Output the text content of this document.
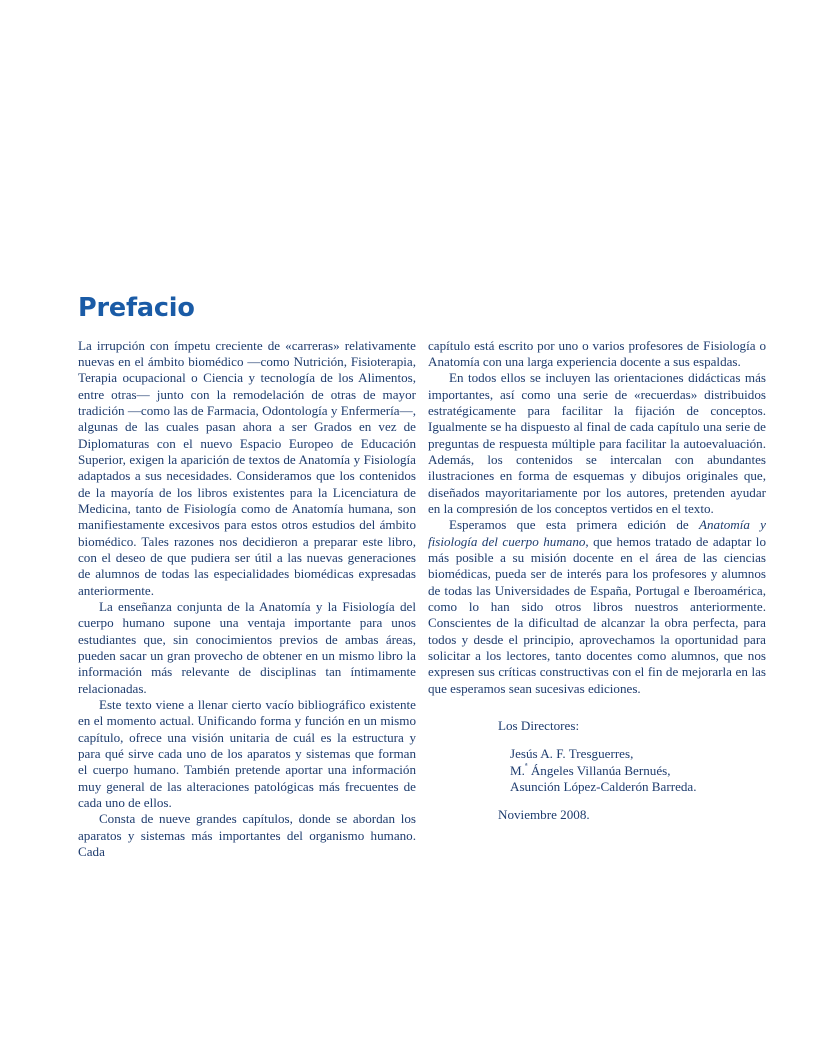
Prefacio

La irrupción con ímpetu creciente de «carreras» relativamente nuevas en el ámbito biomédico —como Nutrición, Fisioterapia, Terapia ocupacional o Ciencia y tecnología de los Alimentos, entre otras— junto con la remodelación de otras de mayor tradición —como las de Farmacia, Odontología y Enfermería—, algunas de las cuales pasan ahora a ser Grados en vez de Diplomaturas con el nuevo Espacio Europeo de Educación Superior, exigen la aparición de textos de Anatomía y Fisiología adaptados a sus necesidades. Consideramos que los contenidos de la mayoría de los libros existentes para la Licenciatura de Medicina, tanto de Fisiología como de Anatomía humana, son manifiestamente excesivos para estos otros estudios del ámbito biomédico. Tales razones nos decidieron a preparar este libro, con el deseo de que pudiera ser útil a las nuevas generaciones de alumnos de todas las especialidades biomédicas expresadas anteriormente.

La enseñanza conjunta de la Anatomía y la Fisiología del cuerpo humano supone una ventaja importante para unos estudiantes que, sin conocimientos previos de ambas áreas, pueden sacar un gran provecho de obtener en un mismo libro la información más relevante de disciplinas tan íntimamente relacionadas.

Este texto viene a llenar cierto vacío bibliográfico existente en el momento actual. Unificando forma y función en un mismo capítulo, ofrece una visión unitaria de cuál es la estructura y para qué sirve cada uno de los aparatos y sistemas que forman el cuerpo humano. También pretende aportar una información muy general de las alteraciones patológicas más frecuentes de cada uno de ellos.

Consta de nueve grandes capítulos, donde se abordan los aparatos y sistemas más importantes del organismo humano. Cada

capítulo está escrito por uno o varios profesores de Fisiología o Anatomía con una larga experiencia docente a sus espaldas.

En todos ellos se incluyen las orientaciones didácticas más importantes, así como una serie de «recuerdas» distribuidos estratégicamente para facilitar la fijación de conceptos. Igualmente se ha dispuesto al final de cada capítulo una serie de preguntas de respuesta múltiple para facilitar la autoevaluación. Además, los contenidos se intercalan con abundantes ilustraciones en forma de esquemas y dibujos originales que, diseñados mayoritariamente por los autores, pretenden ayudar en la compresión de los conceptos vertidos en el texto.

Esperamos que esta primera edición de Anatomía y fisiología del cuerpo humano, que hemos tratado de adaptar lo más posible a su misión docente en el área de las ciencias biomédicas, pueda ser de interés para los profesores y alumnos de todas las Universidades de España, Portugal e Iberoamérica, como lo han sido otros libros nuestros anteriormente. Conscientes de la dificultad de alcanzar la obra perfecta, para todos y desde el principio, aprovechamos la oportunidad para solicitar a los lectores, tanto docentes como alumnos, que nos expresen sus críticas constructivas con el fin de mejorarla en las que esperamos sean sucesivas ediciones.

Los Directores:
Jesús A. F. Tresguerres,
M.$^ª$ Ángeles Villanúa Bernués,
Asunción López-Calderón Barreda.
Noviembre 2008.
